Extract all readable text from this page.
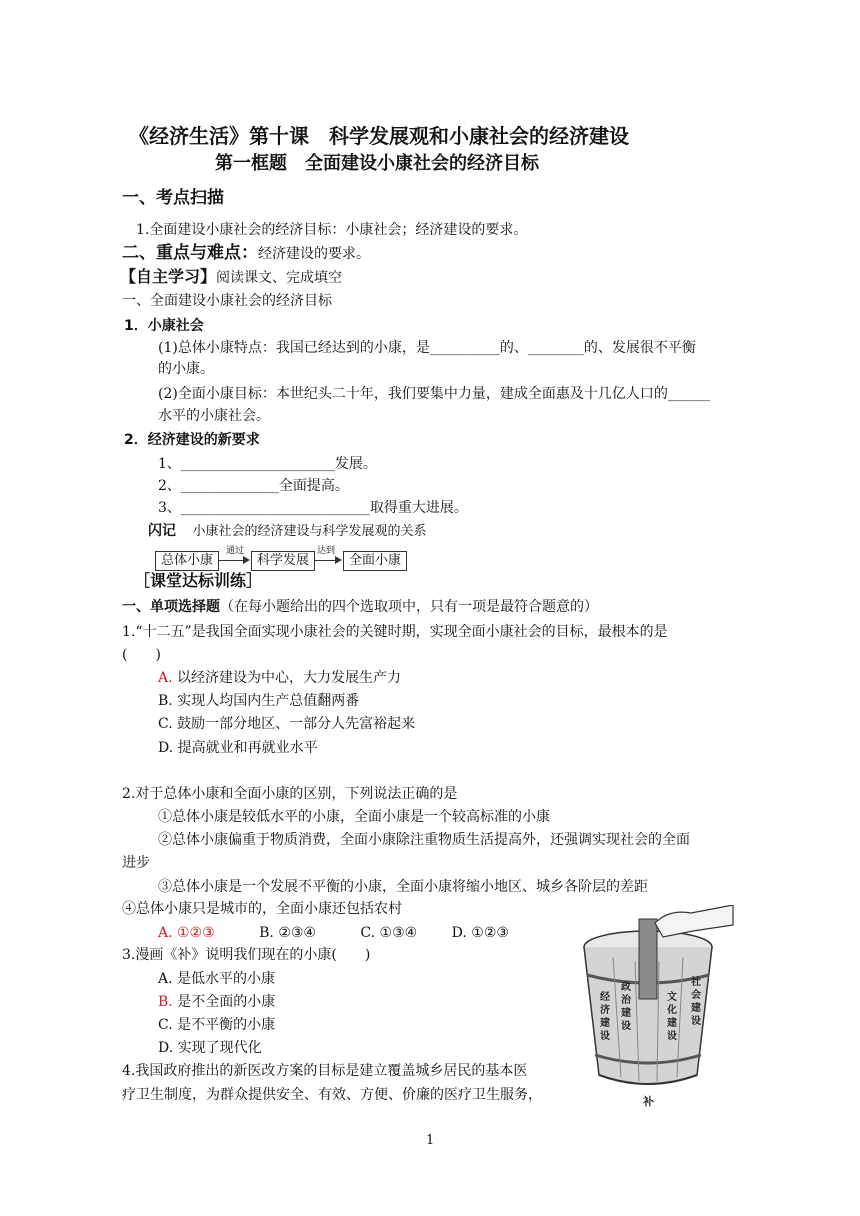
《经济生活》第十课　科学发展观和小康社会的经济建设
第一框题　全面建设小康社会的经济目标
一、考点扫描
1.全面建设小康社会的经济目标：小康社会；经济建设的要求。
二、重点与难点：经济建设的要求。
【自主学习】阅读课文、完成填空
一、全面建设小康社会的经济目标
1．小康社会
(1)总体小康特点：我国已经达到的小康，是__________的、________的、发展很不平衡
的小康。
(2)全面小康目标：本世纪头二十年，我们要集中力量，建成全面惠及十几亿人口的______
水平的小康社会。
2．经济建设的新要求
1、______________________发展。
2、______________全面提高。
3、___________________________取得重大进展。
闪记 小康社会的经济建设与科学发展观的关系
总体小康
通过
科学发展
达到
全面小康
［课堂达标训练］
一、单项选择题（在每小题给出的四个选取项中，只有一项是最符合题意的）
1.“十二五”是我国全面实现小康社会的关键时期，实现全面小康社会的目标，最根本的是
(　　)
A. 以经济建设为中心，大力发展生产力
B. 实现人均国内生产总值翻两番
C. 鼓励一部分地区、一部分人先富裕起来
D. 提高就业和再就业水平
2.对于总体小康和全面小康的区别，下列说法正确的是
①总体小康是较低水平的小康，全面小康是一个较高标准的小康
②总体小康偏重于物质消费，全面小康除注重物质生活提高外，还强调实现社会的全面
进步
③总体小康是一个发展不平衡的小康，全面小康将缩小地区、城乡各阶层的差距
④总体小康只是城市的，全面小康还包括农村
A. ①②③	B. ②③④	C. ①③④ D. ①②③
3.漫画《补》说明我们现在的小康(　　)
A. 是低水平的小康
B. 是不全面的小康
C. 是不平衡的小康
D. 实现了现代化
4.我国政府推出的新医改方案的目标是建立覆盖城乡居民的基本医
疗卫生制度，为群众提供安全、有效、方便、价廉的医疗卫生服务，
经济建设
政治建设
文化建设
社会建设
补
1
